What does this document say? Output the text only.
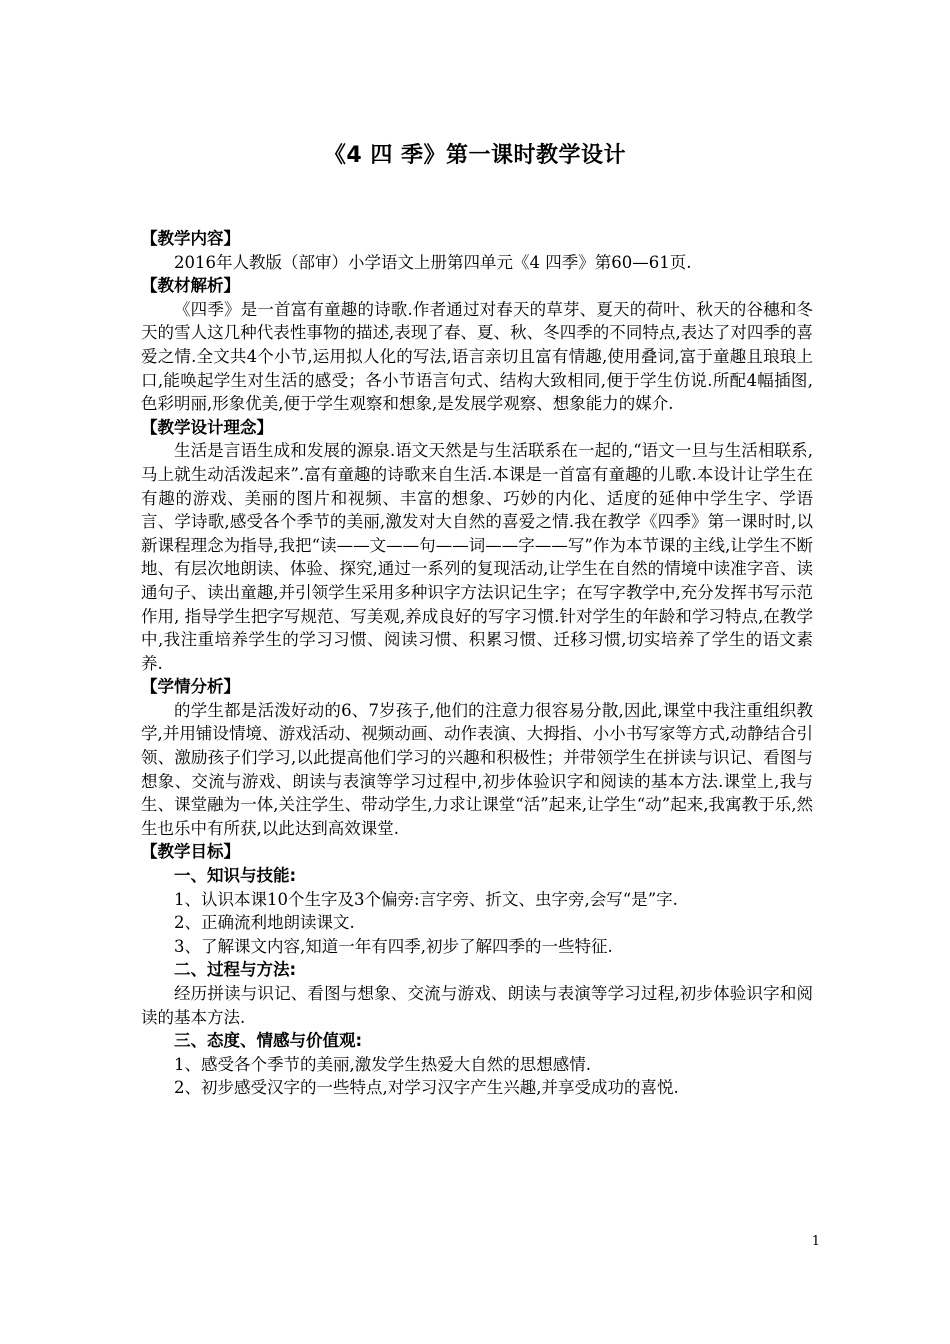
《4 四 季》第一课时教学设计
【教学内容】
2016年人教版（部审）小学语文上册第四单元《4 四季》第60—61页.
【教材解析】
《四季》是一首富有童趣的诗歌.作者通过对春天的草芽、夏天的荷叶、秋天的谷穗和冬天的雪人这几种代表性事物的描述,表现了春、夏、秋、冬四季的不同特点,表达了对四季的喜爱之情.全文共4个小节,运用拟人化的写法,语言亲切且富有情趣,使用叠词,富于童趣且琅琅上口,能唤起学生对生活的感受；各小节语言句式、结构大致相同,便于学生仿说.所配4幅插图,色彩明丽,形象优美,便于学生观察和想象,是发展学观察、想象能力的媒介.
【教学设计理念】
生活是言语生成和发展的源泉.语文天然是与生活联系在一起的,“语文一旦与生活相联系,马上就生动活泼起来”.富有童趣的诗歌来自生活.本课是一首富有童趣的儿歌.本设计让学生在有趣的游戏、美丽的图片和视频、丰富的想象、巧妙的内化、适度的延伸中学生字、学语言、学诗歌,感受各个季节的美丽,激发对大自然的喜爱之情.我在教学《四季》第一课时时,以新课程理念为指导,我把“读——文——句——词——字——写”作为本节课的主线,让学生不断地、有层次地朗读、体验、探究,通过一系列的复现活动,让学生在自然的情境中读准字音、读通句子、读出童趣,并引领学生采用多种识字方法识记生字；在写字教学中,充分发挥书写示范作用, 指导学生把字写规范、写美观,养成良好的写字习惯.针对学生的年龄和学习特点,在教学中,我注重培养学生的学习习惯、阅读习惯、积累习惯、迁移习惯,切实培养了学生的语文素养.
【学情分析】
的学生都是活泼好动的6、7岁孩子,他们的注意力很容易分散,因此,课堂中我注重组织教学,并用铺设情境、游戏活动、视频动画、动作表演、大拇指、小小书写家等方式,动静结合引领、激励孩子们学习,以此提高他们学习的兴趣和积极性；并带领学生在拼读与识记、看图与想象、交流与游戏、朗读与表演等学习过程中,初步体验识字和阅读的基本方法.课堂上,我与生、课堂融为一体,关注学生、带动学生,力求让课堂“活”起来,让学生“动”起来,我寓教于乐,然生也乐中有所获,以此达到高效课堂.
【教学目标】
一、知识与技能:
1、认识本课10个生字及3个偏旁:言字旁、折文、虫字旁,会写“是”字.
2、正确流利地朗读课文.
3、了解课文内容,知道一年有四季,初步了解四季的一些特征.
二、过程与方法:
经历拼读与识记、看图与想象、交流与游戏、朗读与表演等学习过程,初步体验识字和阅读的基本方法.
三、态度、情感与价值观:
1、感受各个季节的美丽,激发学生热爱大自然的思想感情.
2、初步感受汉字的一些特点,对学习汉字产生兴趣,并享受成功的喜悦.
1
